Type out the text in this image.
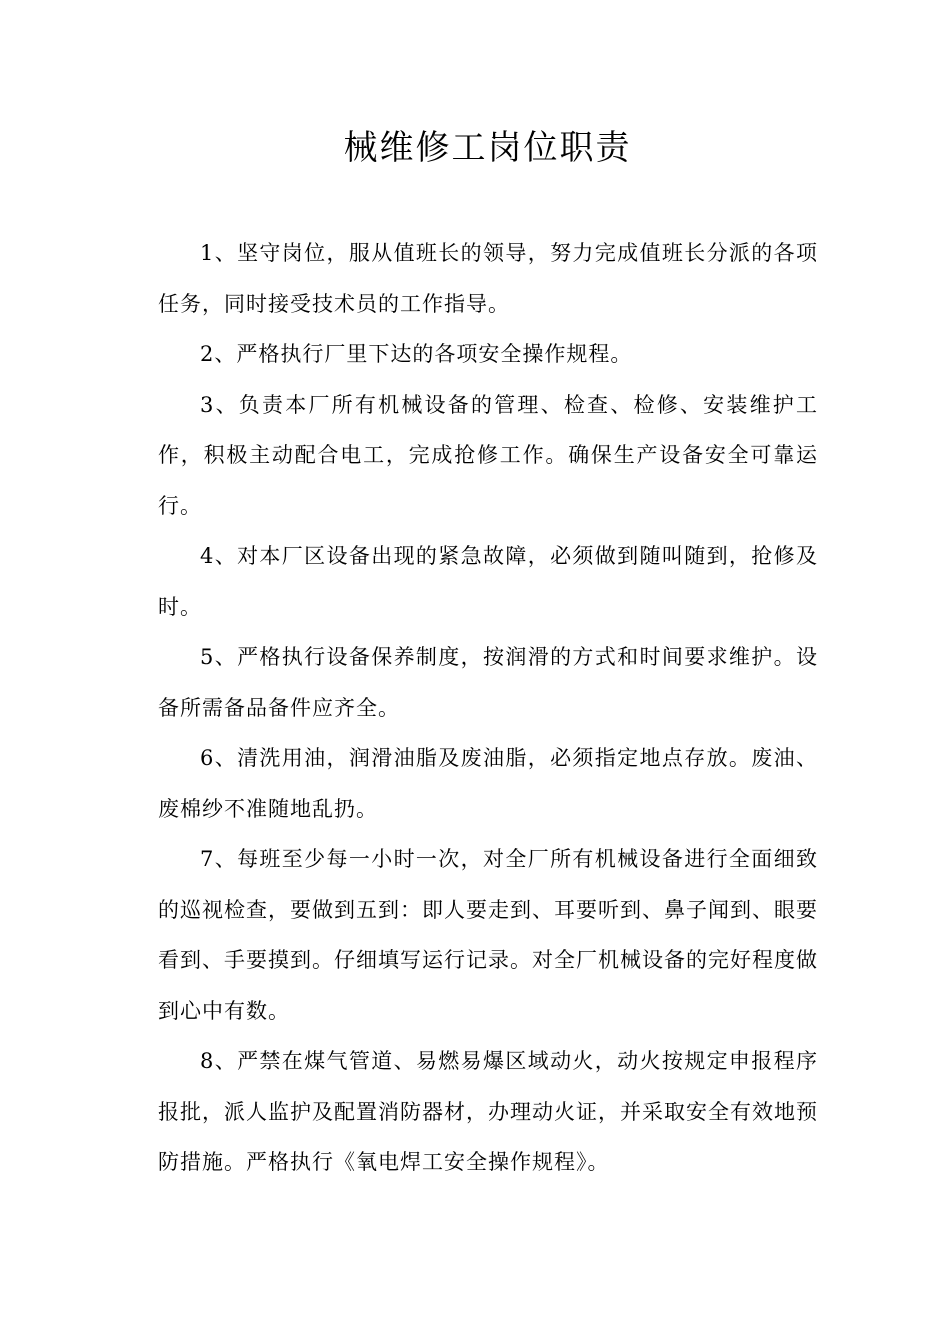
械维修工岗位职责

1、坚守岗位，服从值班长的领导，努力完成值班长分派的各项任务，同时接受技术员的工作指导。

2、严格执行厂里下达的各项安全操作规程。

3、负责本厂所有机械设备的管理、检查、检修、安装维护工作，积极主动配合电工，完成抢修工作。确保生产设备安全可靠运行。

4、对本厂区设备出现的紧急故障，必须做到随叫随到，抢修及时。

5、严格执行设备保养制度，按润滑的方式和时间要求维护。设备所需备品备件应齐全。

6、清洗用油，润滑油脂及废油脂，必须指定地点存放。废油、废棉纱不准随地乱扔。

7、每班至少每一小时一次，对全厂所有机械设备进行全面细致的巡视检查，要做到五到：即人要走到、耳要听到、鼻子闻到、眼要看到、手要摸到。仔细填写运行记录。对全厂机械设备的完好程度做到心中有数。

8、严禁在煤气管道、易燃易爆区域动火，动火按规定申报程序报批，派人监护及配置消防器材，办理动火证，并采取安全有效地预防措施。严格执行《氧电焊工安全操作规程》。
